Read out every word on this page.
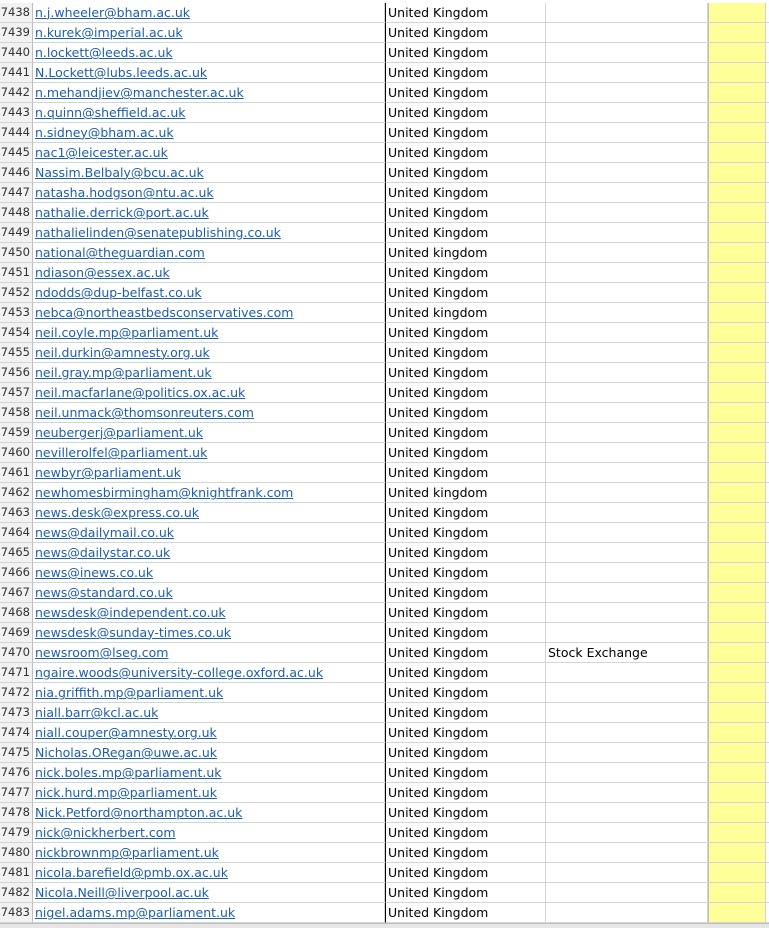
7438 n.j.wheeler@bham.ac.uk	United Kingdom
7439 n.kurek@imperial.ac.uk	United Kingdom
7440 n.lockett@leeds.ac.uk	United Kingdom
7441 N.Lockett@lubs.leeds.ac.uk	United Kingdom
7442 n.mehandjiev@manchester.ac.uk	United Kingdom
7443 n.quinn@sheffield.ac.uk	United Kingdom
7444 n.sidney@bham.ac.uk	United Kingdom
7445 nac1@leicester.ac.uk	United Kingdom
7446 Nassim.Belbaly@bcu.ac.uk	United Kingdom
7447 natasha.hodgson@ntu.ac.uk	United Kingdom
7448 nathalie.derrick@port.ac.uk	United Kingdom
7449 nathalielinden@senatepublishing.co.uk	United Kingdom
7450 national@theguardian.com	United kingdom
7451 ndiason@essex.ac.uk	United Kingdom
7452 ndodds@dup-belfast.co.uk	United Kingdom
7453 nebca@northeastbedsconservatives.com	United kingdom
7454 neil.coyle.mp@parliament.uk	United Kingdom
7455 neil.durkin@amnesty.org.uk	United Kingdom
7456 neil.gray.mp@parliament.uk	United Kingdom
7457 neil.macfarlane@politics.ox.ac.uk	United Kingdom
7458 neil.unmack@thomsonreuters.com	United Kingdom
7459 neubergerj@parliament.uk	United Kingdom
7460 nevillerolfel@parliament.uk	United Kingdom
7461 newbyr@parliament.uk	United Kingdom
7462 newhomesbirmingham@knightfrank.com	United kingdom
7463 news.desk@express.co.uk	United Kingdom
7464 news@dailymail.co.uk	United Kingdom
7465 news@dailystar.co.uk	United Kingdom
7466 news@inews.co.uk	United Kingdom
7467 news@standard.co.uk	United Kingdom
7468 newsdesk@independent.co.uk	United Kingdom
7469 newsdesk@sunday-times.co.uk	United Kingdom
7470 newsroom@lseg.com	United Kingdom	Stock Exchange
7471 ngaire.woods@university-college.oxford.ac.uk	United Kingdom
7472 nia.griffith.mp@parliament.uk	United Kingdom
7473 niall.barr@kcl.ac.uk	United Kingdom
7474 niall.couper@amnesty.org.uk	United Kingdom
7475 Nicholas.ORegan@uwe.ac.uk	United Kingdom
7476 nick.boles.mp@parliament.uk	United Kingdom
7477 nick.hurd.mp@parliament.uk	United Kingdom
7478 Nick.Petford@northampton.ac.uk	United Kingdom
7479 nick@nickherbert.com	United Kingdom
7480 nickbrownmp@parliament.uk	United Kingdom
7481 nicola.barefield@pmb.ox.ac.uk	United Kingdom
7482 Nicola.Neill@liverpool.ac.uk	United Kingdom
7483 nigel.adams.mp@parliament.uk	United Kingdom
